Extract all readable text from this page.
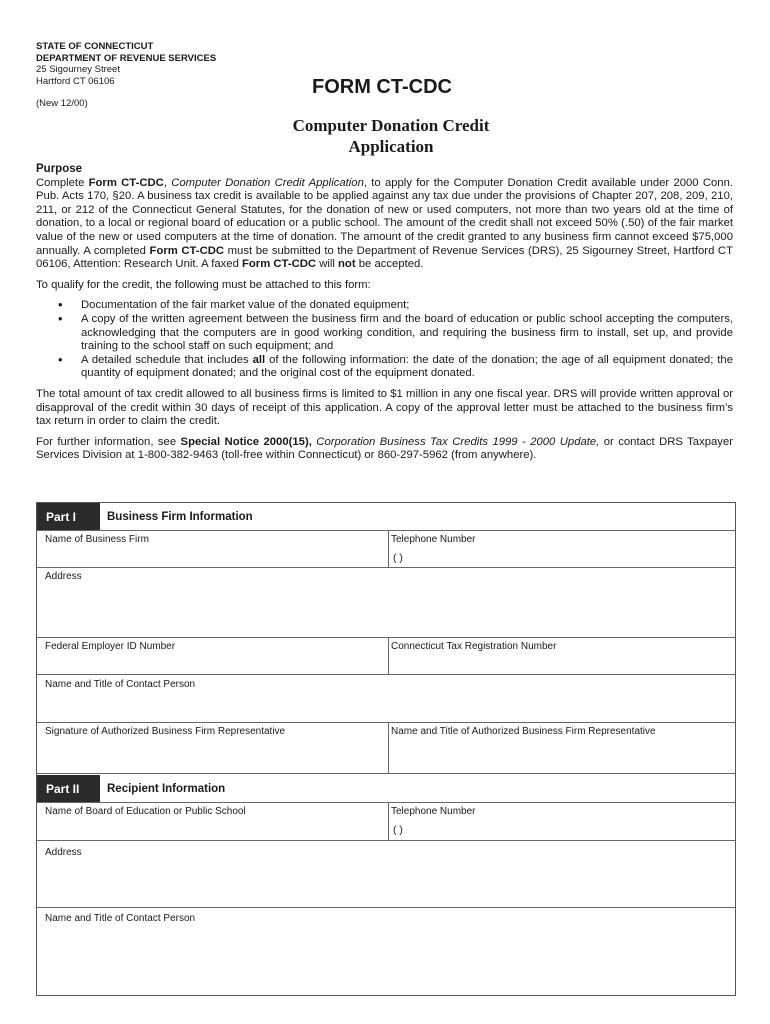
STATE OF CONNECTICUT
DEPARTMENT OF REVENUE SERVICES
25 Sigourney Street
Hartford CT 06106
(New 12/00)
FORM CT-CDC
Computer Donation Credit
Application
Purpose

Complete Form CT-CDC, Computer Donation Credit Application, to apply for the Computer Donation Credit available under 2000 Conn. Pub. Acts 170, §20. A business tax credit is available to be applied against any tax due under the provisions of Chapter 207, 208, 209, 210, 211, or 212 of the Connecticut General Statutes, for the donation of new or used computers, not more than two years old at the time of donation, to a local or regional board of education or a public school. The amount of the credit shall not exceed 50% (.50) of the fair market value of the new or used computers at the time of donation. The amount of the credit granted to any business firm cannot exceed $75,000 annually. A completed Form CT-CDC must be submitted to the Department of Revenue Services (DRS), 25 Sigourney Street, Hartford CT 06106, Attention: Research Unit. A faxed Form CT-CDC will not be accepted.

To qualify for the credit, the following must be attached to this form:

• Documentation of the fair market value of the donated equipment;
• A copy of the written agreement between the business firm and the board of education or public school accepting the computers, acknowledging that the computers are in good working condition, and requiring the business firm to install, set up, and provide training to the school staff on such equipment; and
• A detailed schedule that includes all of the following information: the date of the donation; the age of all equipment donated; the quantity of equipment donated; and the original cost of the equipment donated.

The total amount of tax credit allowed to all business firms is limited to $1 million in any one fiscal year. DRS will provide written approval or disapproval of the credit within 30 days of receipt of this application. A copy of the approval letter must be attached to the business firm’s tax return in order to claim the credit.

For further information, see Special Notice 2000(15), Corporation Business Tax Credits 1999 - 2000 Update, or contact DRS Taxpayer Services Division at 1-800-382-9463 (toll-free within Connecticut) or 860-297-5962 (from anywhere).

Part I	Business Firm Information
Name of Business Firm	Telephone Number
( )
Address
Federal Employer ID Number	Connecticut Tax Registration Number
Name and Title of Contact Person
Signature of Authorized Business Firm Representative	Name and Title of Authorized Business Firm Representative
Part II	Recipient Information
Name of Board of Education or Public School	Telephone Number
( )
Address
Name and Title of Contact Person
